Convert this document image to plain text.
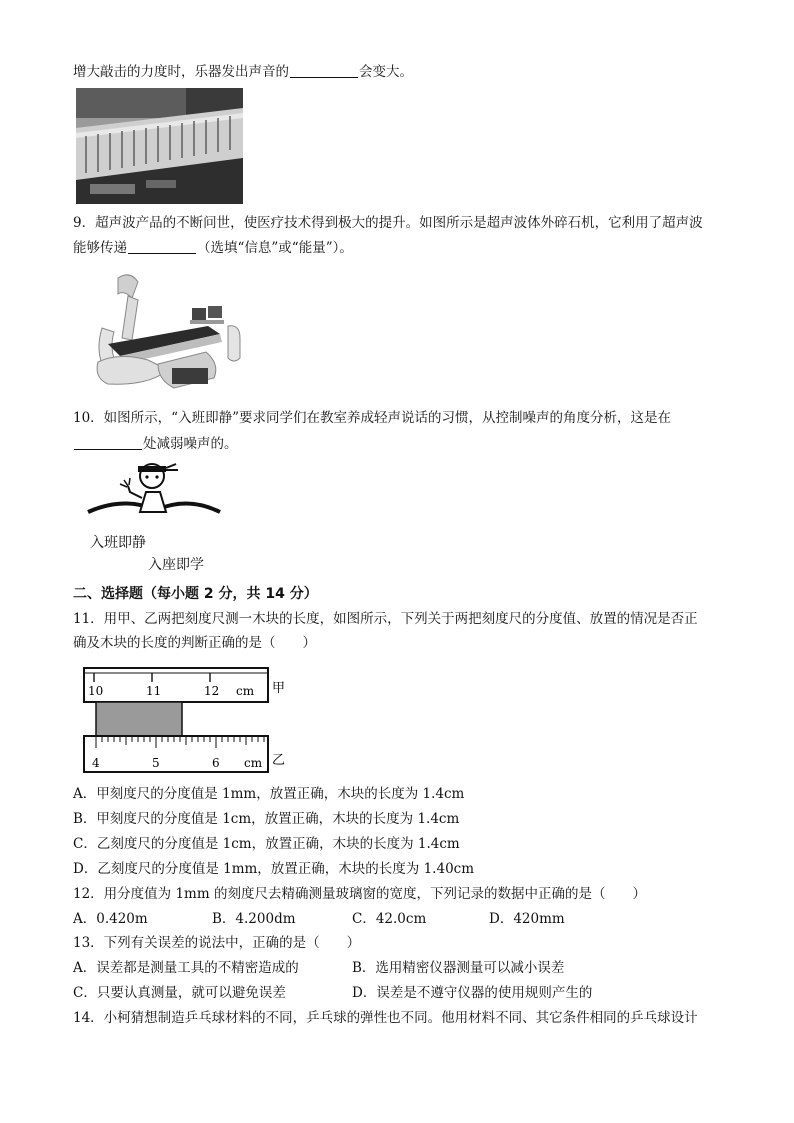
增大敲击的力度时，乐器发出声音的	会变大。
9．超声波产品的不断问世，使医疗技术得到极大的提升。如图所示是超声波体外碎石机，它利用了超声波
能够传递	（选填“信息”或“能量”）。
10．如图所示，“入班即静”要求同学们在教室养成轻声说话的习惯，从控制噪声的角度分析，这是在
处减弱噪声的。
入班即静
入座即学
二、选择题（每小题 2 分，共 14 分）
11．用甲、乙两把刻度尺测一木块的长度，如图所示，下列关于两把刻度尺的分度值、放置的情况是否正
确及木块的长度的判断正确的是（　　）
10	11	12 cm 甲
4	5	6 cm 乙
A．甲刻度尺的分度值是 1mm，放置正确，木块的长度为 1.4cm
B．甲刻度尺的分度值是 1cm，放置正确，木块的长度为 1.4cm
C．乙刻度尺的分度值是 1cm，放置正确，木块的长度为 1.4cm
D．乙刻度尺的分度值是 1mm，放置正确，木块的长度为 1.40cm
12．用分度值为 1mm 的刻度尺去精确测量玻璃窗的宽度，下列记录的数据中正确的是（　　）
A．0.420m	B．4.200dm	C．42.0cm	D．420mm
13．下列有关误差的说法中，正确的是（　　）
A．误差都是测量工具的不精密造成的	B．选用精密仪器测量可以减小误差
C．只要认真测量，就可以避免误差	D．误差是不遵守仪器的使用规则产生的
14．小柯猜想制造乒乓球材料的不同，乒乓球的弹性也不同。他用材料不同、其它条件相同的乒乓球设计
